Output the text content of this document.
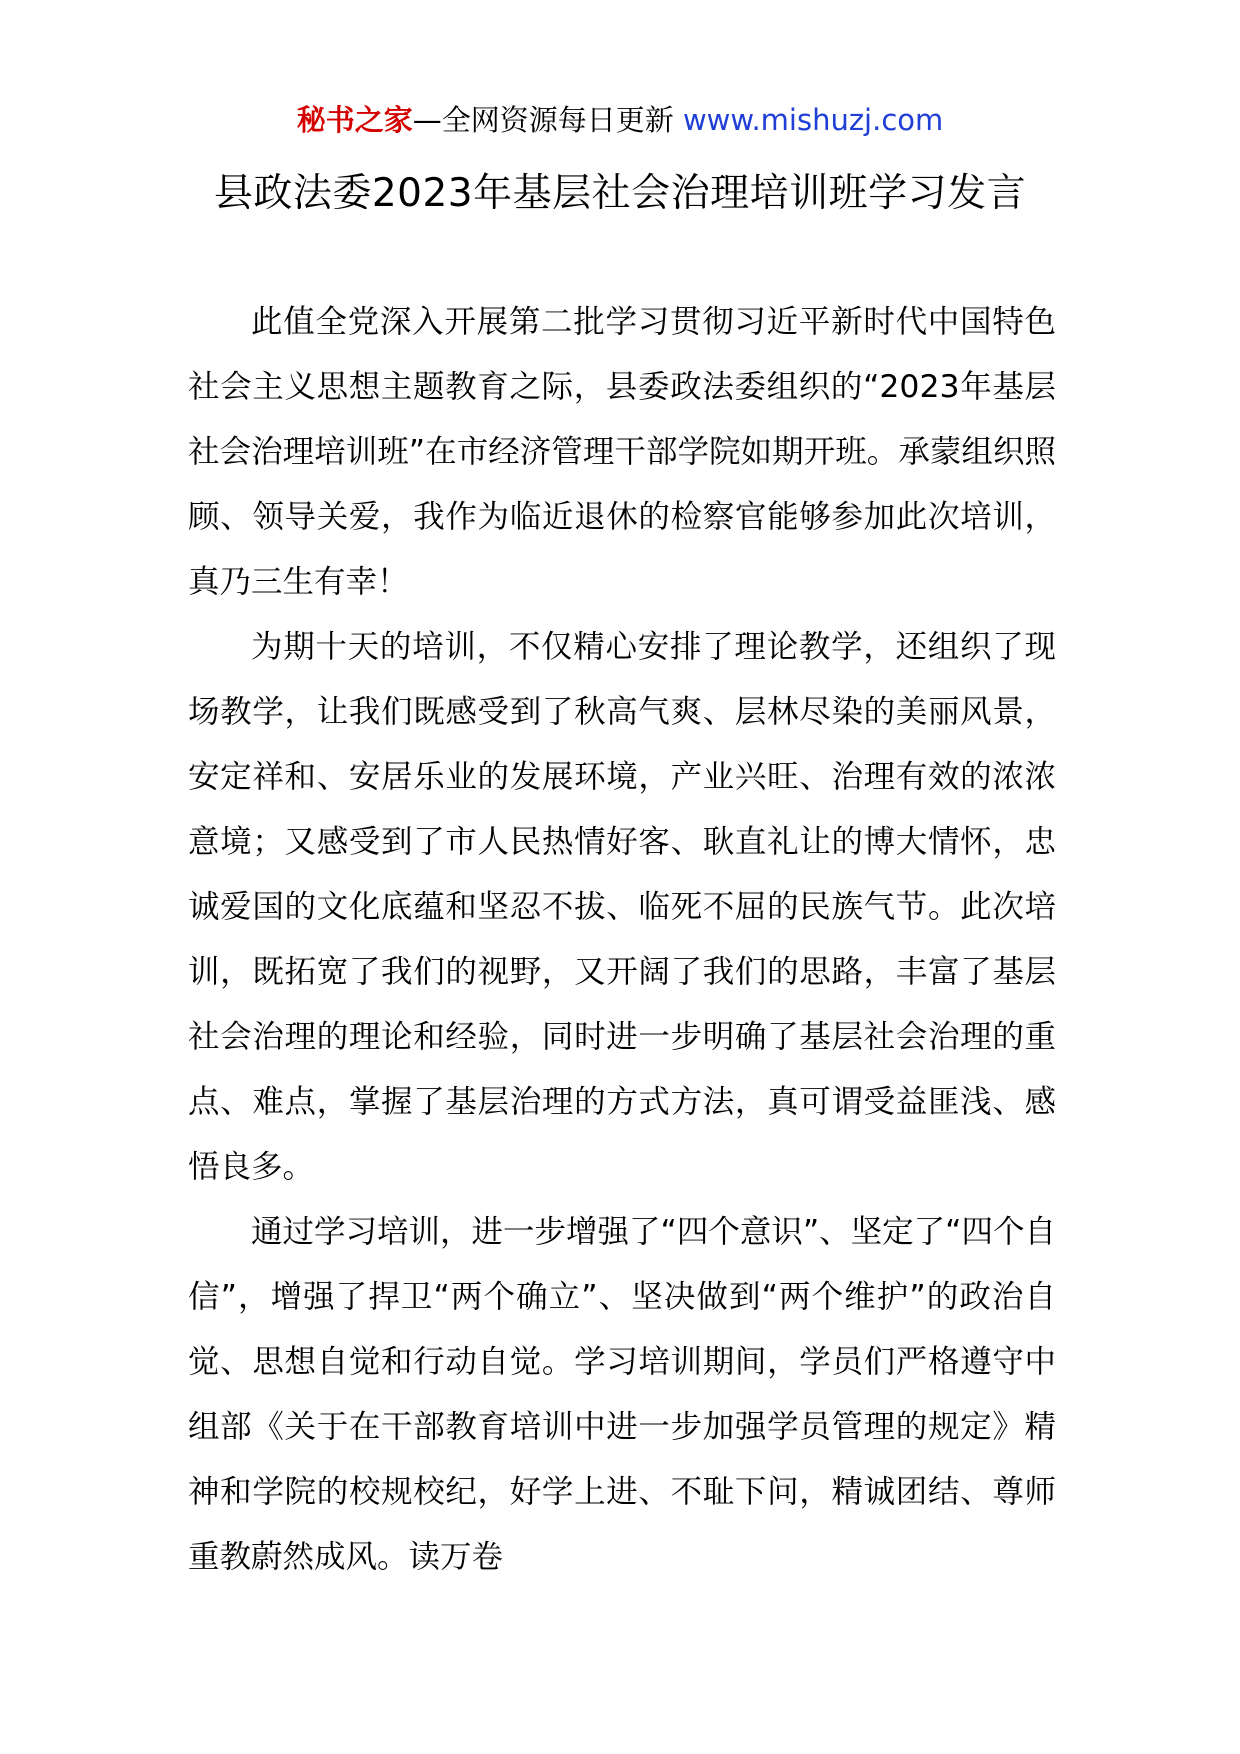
秘书之家—全网资源每日更新 www.mishuzj.com
县政法委2023年基层社会治理培训班学习发言

此值全党深入开展第二批学习贯彻习近平新时代中国特色社会主义思想主题教育之际，县委政法委组织的“2023年基层社会治理培训班”在市经济管理干部学院如期开班。承蒙组织照顾、领导关爱，我作为临近退休的检察官能够参加此次培训，真乃三生有幸！

为期十天的培训，不仅精心安排了理论教学，还组织了现场教学，让我们既感受到了秋高气爽、层林尽染的美丽风景，安定祥和、安居乐业的发展环境，产业兴旺、治理有效的浓浓意境；又感受到了市人民热情好客、耿直礼让的博大情怀，忠诚爱国的文化底蕴和坚忍不拔、临死不屈的民族气节。此次培训，既拓宽了我们的视野，又开阔了我们的思路，丰富了基层社会治理的理论和经验，同时进一步明确了基层社会治理的重点、难点，掌握了基层治理的方式方法，真可谓受益匪浅、感悟良多。

通过学习培训，进一步增强了“四个意识”、坚定了“四个自信”，增强了捍卫“两个确立”、坚决做到“两个维护”的政治自觉、思想自觉和行动自觉。学习培训期间，学员们严格遵守中组部《关于在干部教育培训中进一步加强学员管理的规定》精神和学院的校规校纪，好学上进、不耻下问，精诚团结、尊师重教蔚然成风。读万卷
